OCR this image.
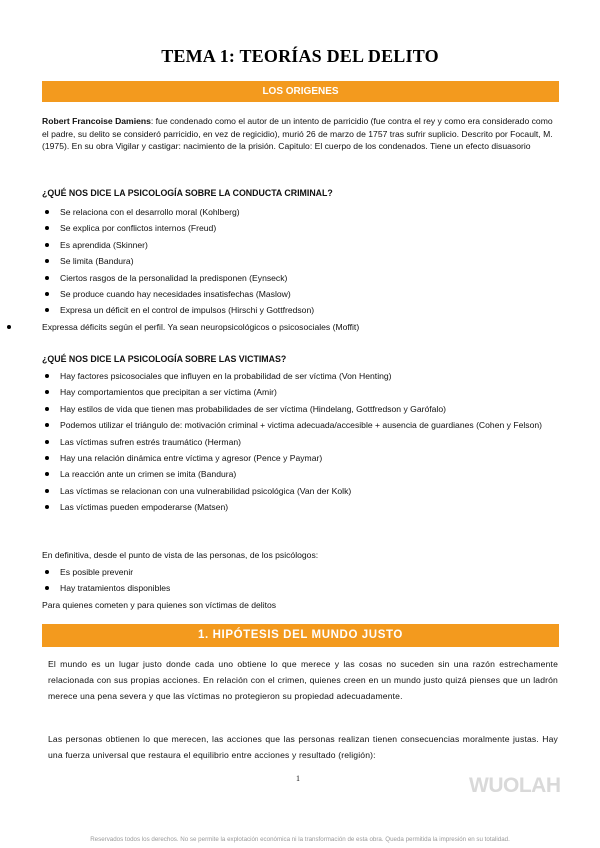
TEMA 1: TEORÍAS DEL DELITO
LOS ORIGENES
Robert Francoise Damiens: fue condenado como el autor de un intento de parricidio (fue contra el rey y como era considerado como el padre, su delito se consideró parricidio, en vez de regicidio), murió 26 de marzo de 1757 tras sufrir suplicio. Descrito por Focault, M. (1975). En su obra Vigilar y castigar: nacimiento de la prisión. Capitulo: El cuerpo de los condenados. Tiene un efecto disuasorio
¿QUÉ NOS DICE LA PSICOLOGÍA SOBRE LA CONDUCTA CRIMINAL?
Se relaciona con el desarrollo moral (Kohlberg)
Se explica por conflictos internos (Freud)
Es aprendida (Skinner)
Se limita (Bandura)
Ciertos rasgos de la personalidad la predisponen (Eynseck)
Se produce cuando hay necesidades insatisfechas (Maslow)
Expresa un déficit en el control de impulsos (Hirschi y Gottfredson)
Expressa déficits según el perfil. Ya sean neuropsicológicos o psicosociales (Moffit)
¿QUÉ NOS DICE LA PSICOLOGÍA SOBRE LAS VICTIMAS?
Hay factores psicosociales que influyen en la probabilidad de ser víctima (Von Henting)
Hay comportamientos que precipitan a ser víctima (Amir)
Hay estilos de vida que tienen mas probabilidades de ser víctima (Hindelang, Gottfredson y Garófalo)
Podemos utilizar el triángulo de: motivación criminal + victima adecuada/accesible + ausencia de guardianes (Cohen y Felson)
Las víctimas sufren estrés traumático (Herman)
Hay una relación dinámica entre víctima y agresor (Pence y Paymar)
La reacción ante un crimen se imita (Bandura)
Las víctimas se relacionan con una vulnerabilidad psicológica (Van der Kolk)
Las víctimas pueden empoderarse (Matsen)
En definitiva, desde el punto de vista de las personas, de los psicólogos:
Es posible prevenir
Hay tratamientos disponibles
Para quienes cometen y para quienes son víctimas de delitos
1. HIPÓTESIS DEL MUNDO JUSTO
El mundo es un lugar justo donde cada uno obtiene lo que merece y las cosas no suceden sin una razón estrechamente relacionada con sus propias acciones. En relación con el crimen, quienes creen en un mundo justo quizá pienses que un ladrón merece una pena severa y que las víctimas no protegieron su propiedad adecuadamente.
Las personas obtienen lo que merecen, las acciones que las personas realizan tienen consecuencias moralmente justas. Hay una fuerza universal que restaura el equilibrio entre acciones y resultado (religión):
1	WUOLAH
Reservados todos los derechos. No se permite la explotación económica ni la transformación de esta obra. Queda permitida la impresión en su totalidad.
